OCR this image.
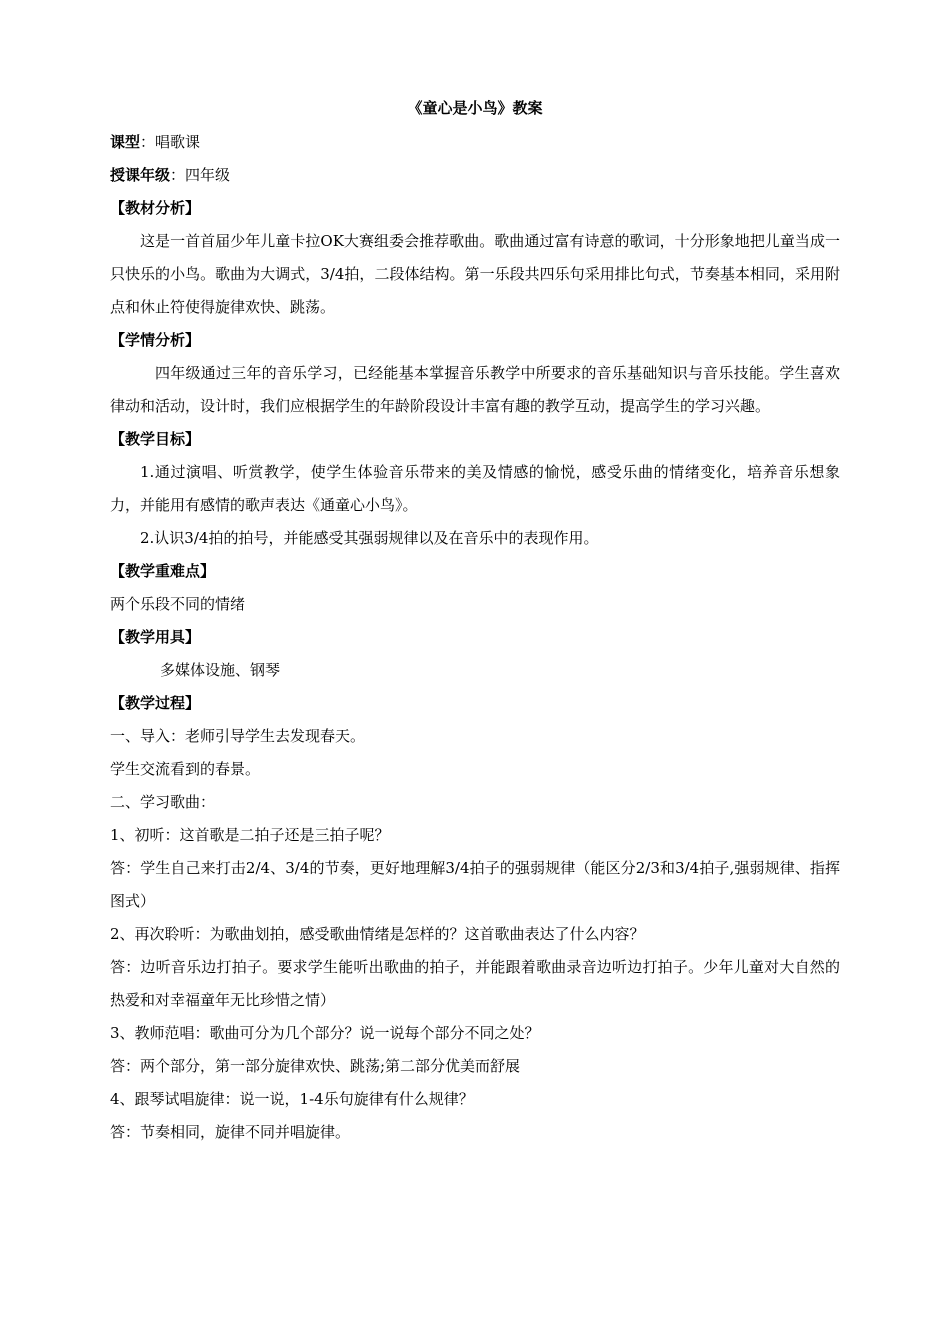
《童心是小鸟》教案

课型：唱歌课

授课年级：四年级

【教材分析】

这是一首首届少年儿童卡拉OK大赛组委会推荐歌曲。歌曲通过富有诗意的歌词，十分形象地把儿童当成一只快乐的小鸟。歌曲为大调式，3/4拍，二段体结构。第一乐段共四乐句采用排比句式，节奏基本相同，采用附点和休止符使得旋律欢快、跳荡。

【学情分析】

四年级通过三年的音乐学习，已经能基本掌握音乐教学中所要求的音乐基础知识与音乐技能。学生喜欢律动和活动，设计时，我们应根据学生的年龄阶段设计丰富有趣的教学互动，提高学生的学习兴趣。

【教学目标】

1.通过演唱、听赏教学，使学生体验音乐带来的美及情感的愉悦，感受乐曲的情绪变化，培养音乐想象力，并能用有感情的歌声表达《通童心小鸟》。

2.认识3/4拍的拍号，并能感受其强弱规律以及在音乐中的表现作用。

【教学重难点】

两个乐段不同的情绪

【教学用具】

多媒体设施、钢琴

【教学过程】

一、导入：老师引导学生去发现春天。

学生交流看到的春景。

二、学习歌曲：

1、初听：这首歌是二拍子还是三拍子呢？

答：学生自己来打击2/4、3/4的节奏，更好地理解3/4拍子的强弱规律（能区分2/3和3/4拍子,强弱规律、指挥图式）

2、再次聆听：为歌曲划拍，感受歌曲情绪是怎样的？这首歌曲表达了什么内容？

答：边听音乐边打拍子。要求学生能听出歌曲的拍子，并能跟着歌曲录音边听边打拍子。少年儿童对大自然的热爱和对幸福童年无比珍惜之情）

3、教师范唱：歌曲可分为几个部分？说一说每个部分不同之处？

答：两个部分，第一部分旋律欢快、跳荡;第二部分优美而舒展

4、跟琴试唱旋律：说一说，1-4乐句旋律有什么规律？

答：节奏相同，旋律不同并唱旋律。
